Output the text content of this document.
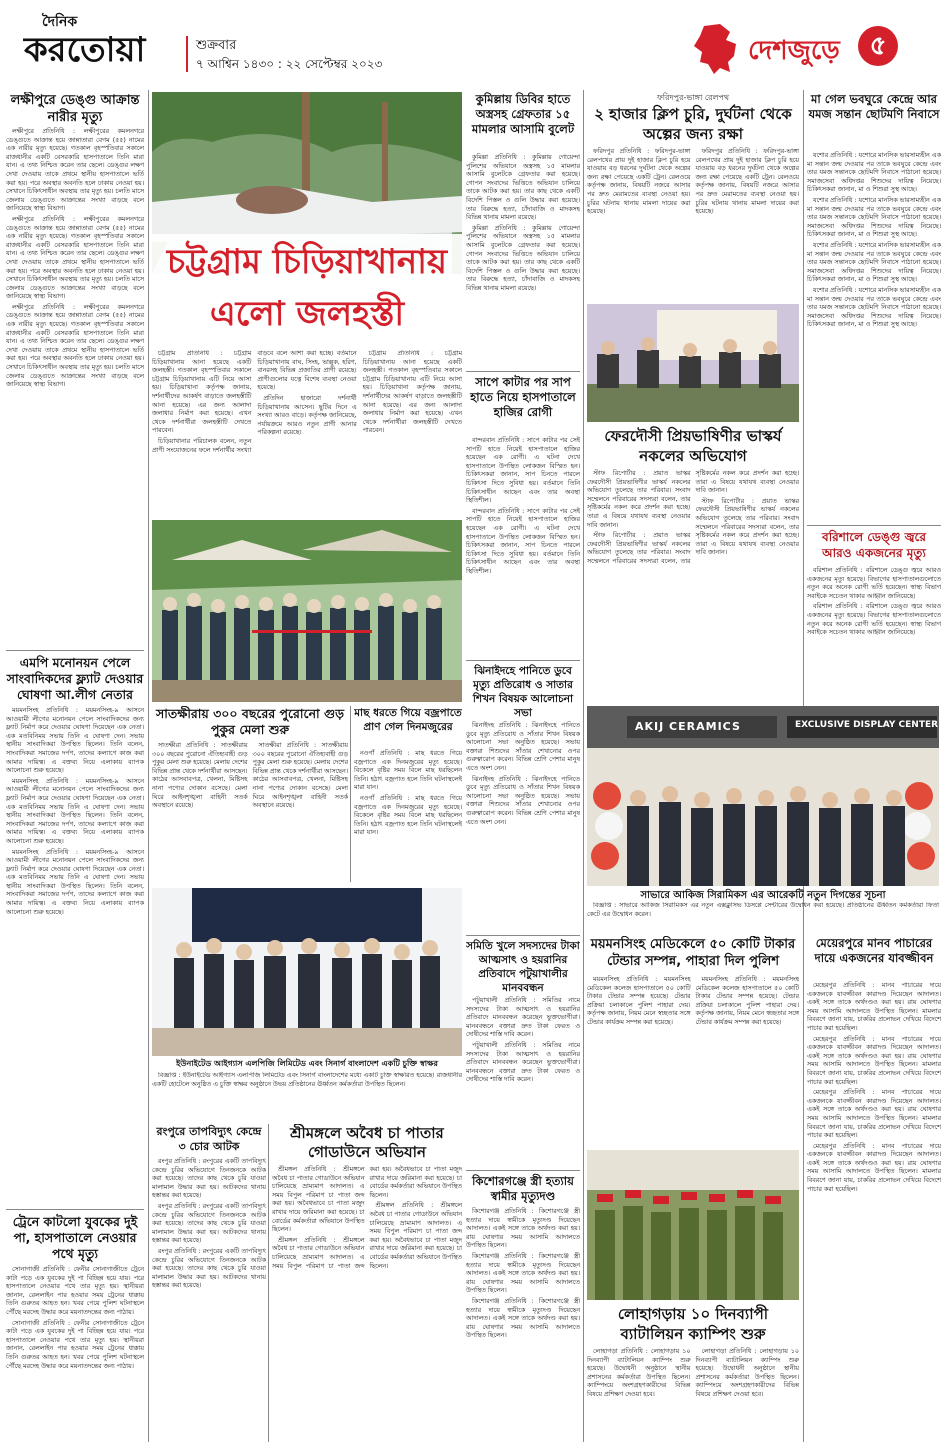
দৈনিক
করতোয়া	শুক্রবার
৭ আশ্বিন ১৪৩০ : ২২ সেপ্টেম্বর ২০২৩	দেশজুড়ে	৫
লক্ষীপুরে ডেঙ্গু আক্রান্ত নারীর মৃত্যু

লক্ষীপুরে প্রতিনিধি : লক্ষীপুরের কমলনগরে ডেঙ্গুতে আক্রান্ত হয়ে জান্নাতারা বেগম (৫৫) নামের এক নারীর মৃত্যু হয়েছে। গতকাল বৃহস্পতিবার সকালে রাজধানীর একটি বেসরকারি হাসপাতালে তিনি মারা যান। এ তথ্য নিশ্চিত করেন তার ছেলে। ডেঙ্গুর লক্ষণ দেখা দেওয়ায় তাকে প্রথমে স্থানীয় হাসপাতালে ভর্তি করা হয়। পরে অবস্থার অবনতি হলে ঢাকায় নেওয়া হয়। সেখানে চিকিৎসাধীন অবস্থায় তার মৃত্যু হয়। চলতি মাসে জেলায় ডেঙ্গুতে আক্রান্তের সংখ্যা বাড়ছে বলে জানিয়েছে স্বাস্থ্য বিভাগ।

লক্ষীপুরে প্রতিনিধি : লক্ষীপুরের কমলনগরে ডেঙ্গুতে আক্রান্ত হয়ে জান্নাতারা বেগম (৫৫) নামের এক নারীর মৃত্যু হয়েছে। গতকাল বৃহস্পতিবার সকালে রাজধানীর একটি বেসরকারি হাসপাতালে তিনি মারা যান। এ তথ্য নিশ্চিত করেন তার ছেলে। ডেঙ্গুর লক্ষণ দেখা দেওয়ায় তাকে প্রথমে স্থানীয় হাসপাতালে ভর্তি করা হয়। পরে অবস্থার অবনতি হলে ঢাকায় নেওয়া হয়। সেখানে চিকিৎসাধীন অবস্থায় তার মৃত্যু হয়। চলতি মাসে জেলায় ডেঙ্গুতে আক্রান্তের সংখ্যা বাড়ছে বলে জানিয়েছে স্বাস্থ্য বিভাগ।

লক্ষীপুরে প্রতিনিধি : লক্ষীপুরের কমলনগরে ডেঙ্গুতে আক্রান্ত হয়ে জান্নাতারা বেগম (৫৫) নামের এক নারীর মৃত্যু হয়েছে। গতকাল বৃহস্পতিবার সকালে রাজধানীর একটি বেসরকারি হাসপাতালে তিনি মারা যান। এ তথ্য নিশ্চিত করেন তার ছেলে। ডেঙ্গুর লক্ষণ দেখা দেওয়ায় তাকে প্রথমে স্থানীয় হাসপাতালে ভর্তি করা হয়। পরে অবস্থার অবনতি হলে ঢাকায় নেওয়া হয়। সেখানে চিকিৎসাধীন অবস্থায় তার মৃত্যু হয়। চলতি মাসে জেলায় ডেঙ্গুতে আক্রান্তের সংখ্যা বাড়ছে বলে জানিয়েছে স্বাস্থ্য বিভাগ।

এমপি মনোনয়ন পেলে সাংবাদিকদের ফ্ল্যাট দেওয়ার ঘোষণা আ.লীগ নেতার

ময়মনসিংহ প্রতিনিধি : ময়মনসিংহ-৯ আসনে আওয়ামী লীগের মনোনয়ন পেলে সাংবাদিকদের জন্য ফ্ল্যাট নির্মাণ করে দেওয়ার ঘোষণা দিয়েছেন এক নেতা। এক মতবিনিময় সভায় তিনি এ ঘোষণা দেন। সভায় স্থানীয় সাংবাদিকরা উপস্থিত ছিলেন। তিনি বলেন, সাংবাদিকরা সমাজের দর্পণ, তাদের কল্যাণে কাজ করা আমার দায়িত্ব। এ বক্তব্য নিয়ে এলাকায় ব্যাপক আলোচনা শুরু হয়েছে।

ময়মনসিংহ প্রতিনিধি : ময়মনসিংহ-৯ আসনে আওয়ামী লীগের মনোনয়ন পেলে সাংবাদিকদের জন্য ফ্ল্যাট নির্মাণ করে দেওয়ার ঘোষণা দিয়েছেন এক নেতা। এক মতবিনিময় সভায় তিনি এ ঘোষণা দেন। সভায় স্থানীয় সাংবাদিকরা উপস্থিত ছিলেন। তিনি বলেন, সাংবাদিকরা সমাজের দর্পণ, তাদের কল্যাণে কাজ করা আমার দায়িত্ব। এ বক্তব্য নিয়ে এলাকায় ব্যাপক আলোচনা শুরু হয়েছে।

ময়মনসিংহ প্রতিনিধি : ময়মনসিংহ-৯ আসনে আওয়ামী লীগের মনোনয়ন পেলে সাংবাদিকদের জন্য ফ্ল্যাট নির্মাণ করে দেওয়ার ঘোষণা দিয়েছেন এক নেতা। এক মতবিনিময় সভায় তিনি এ ঘোষণা দেন। সভায় স্থানীয় সাংবাদিকরা উপস্থিত ছিলেন। তিনি বলেন, সাংবাদিকরা সমাজের দর্পণ, তাদের কল্যাণে কাজ করা আমার দায়িত্ব। এ বক্তব্য নিয়ে এলাকায় ব্যাপক আলোচনা শুরু হয়েছে।

ট্রেনে কাটলো যুবকের দুই পা, হাসপাতালে নেওয়ার পথে মৃত্যু

সোনাগাজী প্রতিনিধি : ফেনীর সোনাগাজীতে ট্রেনে কাটা পড়ে এক যুবকের দুই পা বিচ্ছিন্ন হয়ে যায়। পরে হাসপাতালে নেওয়ার পথে তার মৃত্যু হয়। স্থানীয়রা জানান, রেললাইন পার হওয়ার সময় ট্রেনের ধাক্কায় তিনি গুরুতর আহত হন। খবর পেয়ে পুলিশ ঘটনাস্থলে পৌঁছে মরদেহ উদ্ধার করে ময়নাতদন্তের জন্য পাঠায়।

সোনাগাজী প্রতিনিধি : ফেনীর সোনাগাজীতে ট্রেনে কাটা পড়ে এক যুবকের দুই পা বিচ্ছিন্ন হয়ে যায়। পরে হাসপাতালে নেওয়ার পথে তার মৃত্যু হয়। স্থানীয়রা জানান, রেললাইন পার হওয়ার সময় ট্রেনের ধাক্কায় তিনি গুরুতর আহত হন। খবর পেয়ে পুলিশ ঘটনাস্থলে পৌঁছে মরদেহ উদ্ধার করে ময়নাতদন্তের জন্য পাঠায়।

চট্টগ্রাম চিড়িয়াখানায় এলো জলহস্তী

চট্টগ্রাম প্রতিনিধি : চট্টগ্রাম চিড়িয়াখানায় আনা হয়েছে একটি জলহস্তী। গতকাল বৃহস্পতিবার সকালে চট্টগ্রাম চিড়িয়াখানায় এটি নিয়ে আসা হয়। চিড়িয়াখানা কর্তৃপক্ষ জানায়, দর্শনার্থীদের আকর্ষণ বাড়াতে জলহস্তীটি আনা হয়েছে। এর জন্য আলাদা জলাধার নির্মাণ করা হয়েছে। এখন থেকে দর্শনার্থীরা জলহস্তীটি দেখতে পারবেন।

চিড়িয়াখানার পরিচালক বলেন, নতুন প্রাণী সংযোজনের ফলে দর্শনার্থীর সংখ্যা বাড়বে বলে আশা করা হচ্ছে। বর্তমানে চিড়িয়াখানায় বাঘ, সিংহ, ভাল্লুক, হরিণ, বানরসহ বিভিন্ন প্রজাতির প্রাণী রয়েছে। প্রাণীগুলোর যত্নে বিশেষ ব্যবস্থা নেওয়া হয়েছে।

প্রতিদিন হাজারো দর্শনার্থী চিড়িয়াখানায় আসেন। ছুটির দিনে এ সংখ্যা আরও বাড়ে। কর্তৃপক্ষ জানিয়েছে, পর্যায়ক্রমে আরও নতুন প্রাণী আনার পরিকল্পনা রয়েছে।

চট্টগ্রাম প্রতিনিধি : চট্টগ্রাম চিড়িয়াখানায় আনা হয়েছে একটি জলহস্তী। গতকাল বৃহস্পতিবার সকালে চট্টগ্রাম চিড়িয়াখানায় এটি নিয়ে আসা হয়। চিড়িয়াখানা কর্তৃপক্ষ জানায়, দর্শনার্থীদের আকর্ষণ বাড়াতে জলহস্তীটি আনা হয়েছে। এর জন্য আলাদা জলাধার নির্মাণ করা হয়েছে। এখন থেকে দর্শনার্থীরা জলহস্তীটি দেখতে পারবেন।

কুমিল্লায় ডিবির হাতে অস্ত্রসহ গ্রেফতার ১৫ মামলার আসামি বুলেট

কুমিল্লা প্রতিনিধি : কুমিল্লায় গোয়েন্দা পুলিশের অভিযানে অস্ত্রসহ ১৫ মামলার আসামি বুলেটকে গ্রেফতার করা হয়েছে। গোপন সংবাদের ভিত্তিতে অভিযান চালিয়ে তাকে আটক করা হয়। তার কাছ থেকে একটি বিদেশি পিস্তল ও গুলি উদ্ধার করা হয়েছে। তার বিরুদ্ধে হত্যা, চাঁদাবাজি ও মাদকসহ বিভিন্ন থানায় মামলা রয়েছে।

কুমিল্লা প্রতিনিধি : কুমিল্লায় গোয়েন্দা পুলিশের অভিযানে অস্ত্রসহ ১৫ মামলার আসামি বুলেটকে গ্রেফতার করা হয়েছে। গোপন সংবাদের ভিত্তিতে অভিযান চালিয়ে তাকে আটক করা হয়। তার কাছ থেকে একটি বিদেশি পিস্তল ও গুলি উদ্ধার করা হয়েছে। তার বিরুদ্ধে হত্যা, চাঁদাবাজি ও মাদকসহ বিভিন্ন থানায় মামলা রয়েছে।

সাপে কাটার পর সাপ হাতে নিয়ে হাসপাতালে হাজির রোগী

বান্দরবান প্রতিনিধি : সাপে কাটার পর সেই সাপটি হাতে নিয়েই হাসপাতালে হাজির হয়েছেন এক রোগী। এ ঘটনা দেখে হাসপাতালে উপস্থিত লোকজন বিস্মিত হন। চিকিৎসকরা জানান, সাপ চিনতে পারলে চিকিৎসা দিতে সুবিধা হয়। বর্তমানে তিনি চিকিৎসাধীন আছেন এবং তার অবস্থা স্থিতিশীল।

বান্দরবান প্রতিনিধি : সাপে কাটার পর সেই সাপটি হাতে নিয়েই হাসপাতালে হাজির হয়েছেন এক রোগী। এ ঘটনা দেখে হাসপাতালে উপস্থিত লোকজন বিস্মিত হন। চিকিৎসকরা জানান, সাপ চিনতে পারলে চিকিৎসা দিতে সুবিধা হয়। বর্তমানে তিনি চিকিৎসাধীন আছেন এবং তার অবস্থা স্থিতিশীল।

ঝিনাইদহে পানিতে ডুবে মৃত্যু প্রতিরোধ ও সাতার শিখন বিষয়ক আলোচনা সভা

ঝিনাইদহ প্রতিনিধি : ঝিনাইদহে পানিতে ডুবে মৃত্যু প্রতিরোধ ও সাঁতার শিখন বিষয়ক আলোচনা সভা অনুষ্ঠিত হয়েছে। সভায় বক্তারা শিশুদের সাঁতার শেখানোর ওপর গুরুত্বারোপ করেন। বিভিন্ন শ্রেণি পেশার মানুষ এতে অংশ নেন।

ঝিনাইদহ প্রতিনিধি : ঝিনাইদহে পানিতে ডুবে মৃত্যু প্রতিরোধ ও সাঁতার শিখন বিষয়ক আলোচনা সভা অনুষ্ঠিত হয়েছে। সভায় বক্তারা শিশুদের সাঁতার শেখানোর ওপর গুরুত্বারোপ করেন। বিভিন্ন শ্রেণি পেশার মানুষ এতে অংশ নেন।

সমিতি খুলে সদস্যদের টাকা আত্মসাৎ ও হয়রানির প্রতিবাদে পটুয়াখালীর মানববন্ধন

পটুয়াখালী প্রতিনিধি : সমিতির নামে সদস্যদের টাকা আত্মসাৎ ও হয়রানির প্রতিবাদে মানববন্ধন করেছেন ভুক্তভোগীরা। মানববন্ধনে বক্তারা দ্রুত টাকা ফেরত ও দোষীদের শাস্তি দাবি করেন।

পটুয়াখালী প্রতিনিধি : সমিতির নামে সদস্যদের টাকা আত্মসাৎ ও হয়রানির প্রতিবাদে মানববন্ধন করেছেন ভুক্তভোগীরা। মানববন্ধনে বক্তারা দ্রুত টাকা ফেরত ও দোষীদের শাস্তি দাবি করেন।

কিশোরগঞ্জে স্ত্রী হত্যায় স্বামীর মৃত্যুদণ্ড

কিশোরগঞ্জ প্রতিনিধি : কিশোরগঞ্জে স্ত্রী হত্যার দায়ে স্বামীকে মৃত্যুদণ্ড দিয়েছেন আদালত। একই সঙ্গে তাকে অর্থদণ্ড করা হয়। রায় ঘোষণার সময় আসামি আদালতে উপস্থিত ছিলেন।

কিশোরগঞ্জ প্রতিনিধি : কিশোরগঞ্জে স্ত্রী হত্যার দায়ে স্বামীকে মৃত্যুদণ্ড দিয়েছেন আদালত। একই সঙ্গে তাকে অর্থদণ্ড করা হয়। রায় ঘোষণার সময় আসামি আদালতে উপস্থিত ছিলেন।

কিশোরগঞ্জ প্রতিনিধি : কিশোরগঞ্জে স্ত্রী হত্যার দায়ে স্বামীকে মৃত্যুদণ্ড দিয়েছেন আদালত। একই সঙ্গে তাকে অর্থদণ্ড করা হয়। রায় ঘোষণার সময় আসামি আদালতে উপস্থিত ছিলেন।

সাতক্ষীরায় ৩০০ বছরের পুরোনো গুড় পুকুর মেলা শুরু

সাতক্ষীরা প্রতিনিধি : সাতক্ষীরায় ৩০০ বছরের পুরোনো ঐতিহ্যবাহী গুড় পুকুর মেলা শুরু হয়েছে। মেলায় দেশের বিভিন্ন প্রান্ত থেকে দর্শনার্থীরা আসছেন। কাঠের আসবাবপত্র, খেলনা, মিষ্টিসহ নানা পণ্যের দোকান বসেছে। মেলা ঘিরে আইনশৃঙ্খলা বাহিনী সতর্ক অবস্থানে রয়েছে।

সাতক্ষীরা প্রতিনিধি : সাতক্ষীরায় ৩০০ বছরের পুরোনো ঐতিহ্যবাহী গুড় পুকুর মেলা শুরু হয়েছে। মেলায় দেশের বিভিন্ন প্রান্ত থেকে দর্শনার্থীরা আসছেন। কাঠের আসবাবপত্র, খেলনা, মিষ্টিসহ নানা পণ্যের দোকান বসেছে। মেলা ঘিরে আইনশৃঙ্খলা বাহিনী সতর্ক অবস্থানে রয়েছে।

মাছ ধরতে গিয়ে বজ্রপাতে প্রাণ গেল দিনমজুরের

নওগাঁ প্রতিনিধি : মাছ ধরতে গিয়ে বজ্রপাতে এক দিনমজুরের মৃত্যু হয়েছে। বিকেলে বৃষ্টির সময় বিলে মাছ ধরছিলেন তিনি। হঠাৎ বজ্রপাত হলে তিনি ঘটনাস্থলেই মারা যান।

নওগাঁ প্রতিনিধি : মাছ ধরতে গিয়ে বজ্রপাতে এক দিনমজুরের মৃত্যু হয়েছে। বিকেলে বৃষ্টির সময় বিলে মাছ ধরছিলেন তিনি। হঠাৎ বজ্রপাত হলে তিনি ঘটনাস্থলেই মারা যান।

ইউনাইটেড আইগ্যাস এলপিজি লিমিটেড এবং সিনার্গ বাংলাদেশ একটি চুক্তি স্বাক্ষর

বিজ্ঞপ্তি : ইউনাইটেড আইগ্যাস এলপিজি লিমিটেড এবং সিনার্গ বাংলাদেশের মধ্যে একটি চুক্তি স্বাক্ষরিত হয়েছে। রাজধানীর একটি হোটেলে অনুষ্ঠিত এ চুক্তি স্বাক্ষর অনুষ্ঠানে উভয় প্রতিষ্ঠানের ঊর্ধ্বতন কর্মকর্তারা উপস্থিত ছিলেন।

রংপুরে তাপবিদ্যুৎ কেন্দ্রে ৩ চোর আটক

রংপুর প্রতিনিধি : রংপুরের একটি তাপবিদ্যুৎ কেন্দ্রে চুরির অভিযোগে তিনজনকে আটক করা হয়েছে। তাদের কাছ থেকে চুরি যাওয়া মালামাল উদ্ধার করা হয়। আটকদের থানায় হস্তান্তর করা হয়েছে।

রংপুর প্রতিনিধি : রংপুরের একটি তাপবিদ্যুৎ কেন্দ্রে চুরির অভিযোগে তিনজনকে আটক করা হয়েছে। তাদের কাছ থেকে চুরি যাওয়া মালামাল উদ্ধার করা হয়। আটকদের থানায় হস্তান্তর করা হয়েছে।

রংপুর প্রতিনিধি : রংপুরের একটি তাপবিদ্যুৎ কেন্দ্রে চুরির অভিযোগে তিনজনকে আটক করা হয়েছে। তাদের কাছ থেকে চুরি যাওয়া মালামাল উদ্ধার করা হয়। আটকদের থানায় হস্তান্তর করা হয়েছে।

শ্রীমঙ্গলে অবৈধ চা পাতার গোডাউনে অভিযান

শ্রীমঙ্গল প্রতিনিধি : শ্রীমঙ্গলে অবৈধ চা পাতার গোডাউনে অভিযান চালিয়েছে ভ্রাম্যমাণ আদালত। এ সময় বিপুল পরিমাণ চা পাতা জব্দ করা হয়। অবৈধভাবে চা পাতা মজুদ রাখার দায়ে জরিমানা করা হয়েছে। চা বোর্ডের কর্মকর্তারা অভিযানে উপস্থিত ছিলেন।

শ্রীমঙ্গল প্রতিনিধি : শ্রীমঙ্গলে অবৈধ চা পাতার গোডাউনে অভিযান চালিয়েছে ভ্রাম্যমাণ আদালত। এ সময় বিপুল পরিমাণ চা পাতা জব্দ করা হয়। অবৈধভাবে চা পাতা মজুদ রাখার দায়ে জরিমানা করা হয়েছে। চা বোর্ডের কর্মকর্তারা অভিযানে উপস্থিত ছিলেন।

শ্রীমঙ্গল প্রতিনিধি : শ্রীমঙ্গলে অবৈধ চা পাতার গোডাউনে অভিযান চালিয়েছে ভ্রাম্যমাণ আদালত। এ সময় বিপুল পরিমাণ চা পাতা জব্দ করা হয়। অবৈধভাবে চা পাতা মজুদ রাখার দায়ে জরিমানা করা হয়েছে। চা বোর্ডের কর্মকর্তারা অভিযানে উপস্থিত ছিলেন।

ফরিদপুর-ভাঙ্গা রেলপথ
২ হাজার ক্লিপ চুরি, দুর্ঘটনা থেকে অল্পের জন্য রক্ষা

ফরিদপুর প্রতিনিধি : ফরিদপুর-ভাঙ্গা রেলপথের প্রায় দুই হাজার ক্লিপ চুরি হয়ে যাওয়ায় বড় ধরনের দুর্ঘটনা থেকে অল্পের জন্য রক্ষা পেয়েছে একটি ট্রেন। রেলওয়ে কর্তৃপক্ষ জানায়, বিষয়টি নজরে আসার পর দ্রুত মেরামতের ব্যবস্থা নেওয়া হয়। চুরির ঘটনায় থানায় মামলা দায়ের করা হয়েছে।

ফরিদপুর প্রতিনিধি : ফরিদপুর-ভাঙ্গা রেলপথের প্রায় দুই হাজার ক্লিপ চুরি হয়ে যাওয়ায় বড় ধরনের দুর্ঘটনা থেকে অল্পের জন্য রক্ষা পেয়েছে একটি ট্রেন। রেলওয়ে কর্তৃপক্ষ জানায়, বিষয়টি নজরে আসার পর দ্রুত মেরামতের ব্যবস্থা নেওয়া হয়। চুরির ঘটনায় থানায় মামলা দায়ের করা হয়েছে।

ফেরদৌসী প্রিয়ভাষিণীর ভাস্কর্য নকলের অভিযোগ

স্টাফ রিপোর্টার : প্রয়াত ভাস্কর ফেরদৌসী প্রিয়ভাষিণীর ভাস্কর্য নকলের অভিযোগ তুলেছে তার পরিবার। সংবাদ সম্মেলনে পরিবারের সদস্যরা বলেন, তার সৃষ্টিকর্মের নকল করে প্রদর্শন করা হচ্ছে। তারা এ বিষয়ে যথাযথ ব্যবস্থা নেওয়ার দাবি জানান।

স্টাফ রিপোর্টার : প্রয়াত ভাস্কর ফেরদৌসী প্রিয়ভাষিণীর ভাস্কর্য নকলের অভিযোগ তুলেছে তার পরিবার। সংবাদ সম্মেলনে পরিবারের সদস্যরা বলেন, তার সৃষ্টিকর্মের নকল করে প্রদর্শন করা হচ্ছে। তারা এ বিষয়ে যথাযথ ব্যবস্থা নেওয়ার দাবি জানান।

স্টাফ রিপোর্টার : প্রয়াত ভাস্কর ফেরদৌসী প্রিয়ভাষিণীর ভাস্কর্য নকলের অভিযোগ তুলেছে তার পরিবার। সংবাদ সম্মেলনে পরিবারের সদস্যরা বলেন, তার সৃষ্টিকর্মের নকল করে প্রদর্শন করা হচ্ছে। তারা এ বিষয়ে যথাযথ ব্যবস্থা নেওয়ার দাবি জানান।

AKIJ CERAMICS	EXCLUSIVE DISPLAY CENTER
সাভারে আকিজ সিরামিকস এর আরেকটি নতুন দিগন্তের সূচনা

বিজ্ঞপ্তি : সাভারে আকিজ সিরামিকস এর নতুন এক্সক্লুসিভ ডিসপ্লে সেন্টারের উদ্বোধন করা হয়েছে। প্রতিষ্ঠানের ঊর্ধ্বতন কর্মকর্তারা ফিতা কেটে এর উদ্বোধন করেন।

ময়মনসিংহ মেডিকেলে ৫০ কোটি টাকার টেন্ডার সম্পন্ন, পাহারা দিল পুলিশ

ময়মনসিংহ প্রতিনিধি : ময়মনসিংহ মেডিকেল কলেজ হাসপাতালে ৫০ কোটি টাকার টেন্ডার সম্পন্ন হয়েছে। টেন্ডার প্রক্রিয়া চলাকালে পুলিশ পাহারা দেয়। কর্তৃপক্ষ জানায়, নিয়ম মেনে স্বচ্ছতার সঙ্গে টেন্ডার কার্যক্রম সম্পন্ন করা হয়েছে।

ময়মনসিংহ প্রতিনিধি : ময়মনসিংহ মেডিকেল কলেজ হাসপাতালে ৫০ কোটি টাকার টেন্ডার সম্পন্ন হয়েছে। টেন্ডার প্রক্রিয়া চলাকালে পুলিশ পাহারা দেয়। কর্তৃপক্ষ জানায়, নিয়ম মেনে স্বচ্ছতার সঙ্গে টেন্ডার কার্যক্রম সম্পন্ন করা হয়েছে।

লোহাগড়ায় ১০ দিনব্যাপী ব্যাটালিয়ন ক্যাম্পিং শুরু

লোহাগড়া প্রতিনিধি : লোহাগড়ায় ১০ দিনব্যাপী ব্যাটালিয়ন ক্যাম্পিং শুরু হয়েছে। উদ্বোধনী অনুষ্ঠানে স্থানীয় প্রশাসনের কর্মকর্তারা উপস্থিত ছিলেন। ক্যাম্পিংয়ে অংশগ্রহণকারীদের বিভিন্ন বিষয়ে প্রশিক্ষণ দেওয়া হবে।

লোহাগড়া প্রতিনিধি : লোহাগড়ায় ১০ দিনব্যাপী ব্যাটালিয়ন ক্যাম্পিং শুরু হয়েছে। উদ্বোধনী অনুষ্ঠানে স্থানীয় প্রশাসনের কর্মকর্তারা উপস্থিত ছিলেন। ক্যাম্পিংয়ে অংশগ্রহণকারীদের বিভিন্ন বিষয়ে প্রশিক্ষণ দেওয়া হবে।

মা গেল ভবঘুরে কেন্দ্রে আর যমজ সন্তান ছোটমণি নিবাসে

যশোর প্রতিনিধি : যশোরে মানসিক ভারসাম্যহীন এক মা সন্তান জন্ম দেওয়ার পর তাকে ভবঘুরে কেন্দ্রে এবং তার যমজ সন্তানকে ছোটমণি নিবাসে পাঠানো হয়েছে। সমাজসেবা অধিদপ্তর শিশুদের দায়িত্ব নিয়েছে। চিকিৎসকরা জানান, মা ও শিশুরা সুস্থ আছে।

যশোর প্রতিনিধি : যশোরে মানসিক ভারসাম্যহীন এক মা সন্তান জন্ম দেওয়ার পর তাকে ভবঘুরে কেন্দ্রে এবং তার যমজ সন্তানকে ছোটমণি নিবাসে পাঠানো হয়েছে। সমাজসেবা অধিদপ্তর শিশুদের দায়িত্ব নিয়েছে। চিকিৎসকরা জানান, মা ও শিশুরা সুস্থ আছে।

যশোর প্রতিনিধি : যশোরে মানসিক ভারসাম্যহীন এক মা সন্তান জন্ম দেওয়ার পর তাকে ভবঘুরে কেন্দ্রে এবং তার যমজ সন্তানকে ছোটমণি নিবাসে পাঠানো হয়েছে। সমাজসেবা অধিদপ্তর শিশুদের দায়িত্ব নিয়েছে। চিকিৎসকরা জানান, মা ও শিশুরা সুস্থ আছে।

যশোর প্রতিনিধি : যশোরে মানসিক ভারসাম্যহীন এক মা সন্তান জন্ম দেওয়ার পর তাকে ভবঘুরে কেন্দ্রে এবং তার যমজ সন্তানকে ছোটমণি নিবাসে পাঠানো হয়েছে। সমাজসেবা অধিদপ্তর শিশুদের দায়িত্ব নিয়েছে। চিকিৎসকরা জানান, মা ও শিশুরা সুস্থ আছে।

বরিশালে ডেঙ্গু জ্বরে আরও একজনের মৃত্যু

বরিশাল প্রতিনিধি : বরিশালে ডেঙ্গু জ্বরে আরও একজনের মৃত্যু হয়েছে। বিভাগের হাসপাতালগুলোতে নতুন করে অনেক রোগী ভর্তি হয়েছেন। স্বাস্থ্য বিভাগ সবাইকে সচেতন থাকার আহ্বান জানিয়েছে।

বরিশাল প্রতিনিধি : বরিশালে ডেঙ্গু জ্বরে আরও একজনের মৃত্যু হয়েছে। বিভাগের হাসপাতালগুলোতে নতুন করে অনেক রোগী ভর্তি হয়েছেন। স্বাস্থ্য বিভাগ সবাইকে সচেতন থাকার আহ্বান জানিয়েছে।

মেয়েরপুরে মানব পাচারের দায়ে একজনের যাবজ্জীবন

মেহেরপুর প্রতিনিধি : মানব পাচারের দায়ে একজনকে যাবজ্জীবন কারাদণ্ড দিয়েছেন আদালত। একই সঙ্গে তাকে অর্থদণ্ডও করা হয়। রায় ঘোষণার সময় আসামি আদালতে উপস্থিত ছিলেন। মামলার বিবরণে জানা যায়, চাকরির প্রলোভন দেখিয়ে বিদেশে পাচার করা হয়েছিল।

মেহেরপুর প্রতিনিধি : মানব পাচারের দায়ে একজনকে যাবজ্জীবন কারাদণ্ড দিয়েছেন আদালত। একই সঙ্গে তাকে অর্থদণ্ডও করা হয়। রায় ঘোষণার সময় আসামি আদালতে উপস্থিত ছিলেন। মামলার বিবরণে জানা যায়, চাকরির প্রলোভন দেখিয়ে বিদেশে পাচার করা হয়েছিল।

মেহেরপুর প্রতিনিধি : মানব পাচারের দায়ে একজনকে যাবজ্জীবন কারাদণ্ড দিয়েছেন আদালত। একই সঙ্গে তাকে অর্থদণ্ডও করা হয়। রায় ঘোষণার সময় আসামি আদালতে উপস্থিত ছিলেন। মামলার বিবরণে জানা যায়, চাকরির প্রলোভন দেখিয়ে বিদেশে পাচার করা হয়েছিল।

মেহেরপুর প্রতিনিধি : মানব পাচারের দায়ে একজনকে যাবজ্জীবন কারাদণ্ড দিয়েছেন আদালত। একই সঙ্গে তাকে অর্থদণ্ডও করা হয়। রায় ঘোষণার সময় আসামি আদালতে উপস্থিত ছিলেন। মামলার বিবরণে জানা যায়, চাকরির প্রলোভন দেখিয়ে বিদেশে পাচার করা হয়েছিল।
